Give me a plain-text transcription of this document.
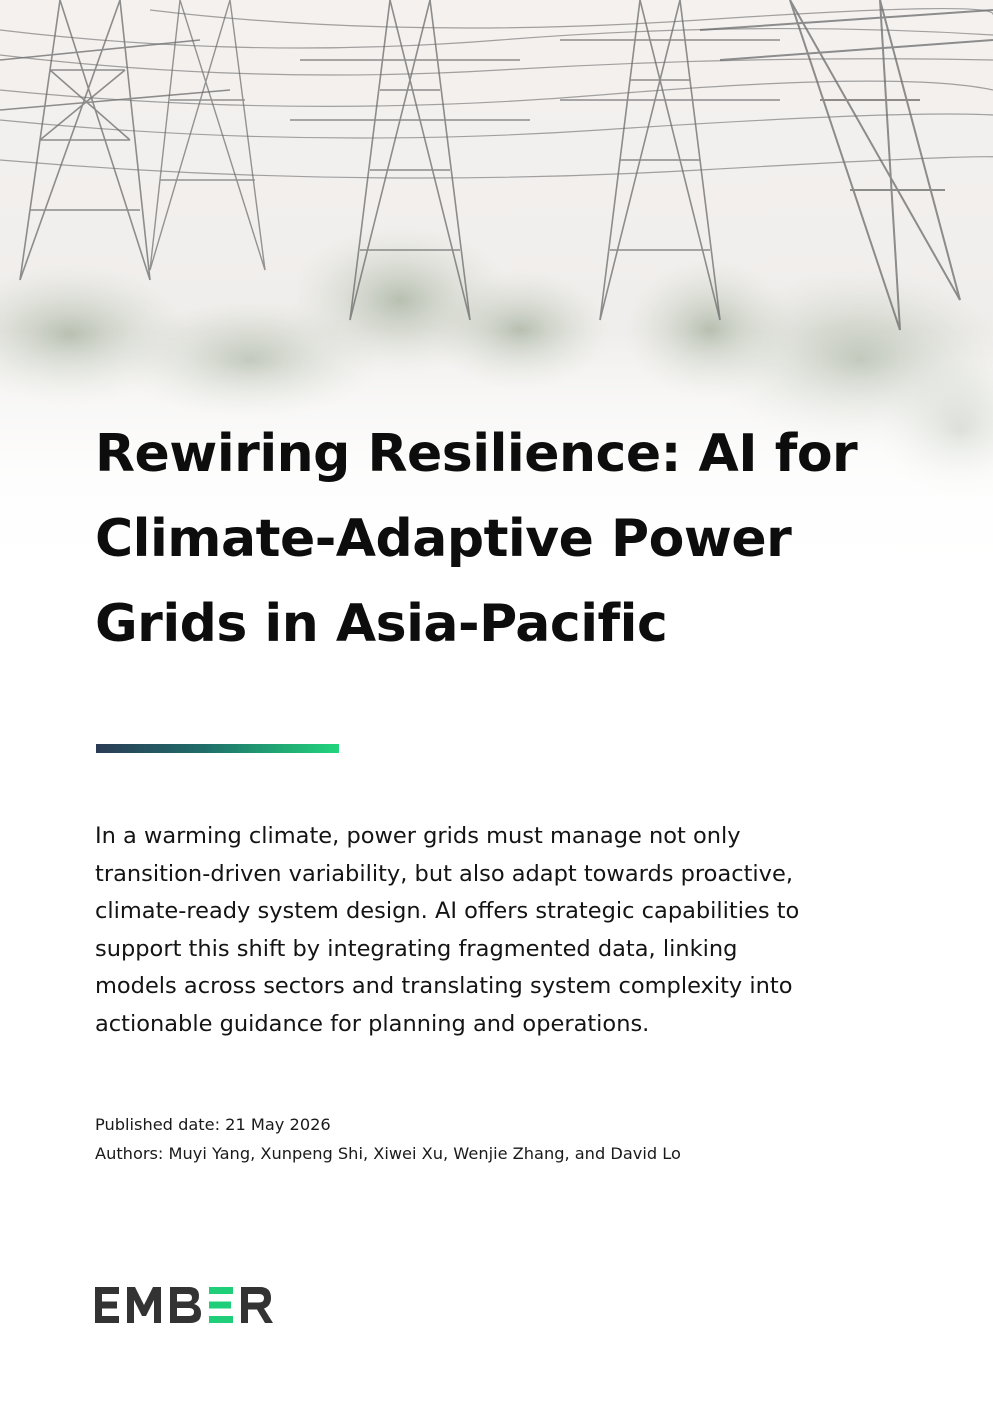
Rewiring Resilience: AI for
Climate-Adaptive Power
Grids in Asia-Pacific

In a warming climate, power grids must manage not only
transition-driven variability, but also adapt towards proactive,
climate-ready system design. AI offers strategic capabilities to
support this shift by integrating fragmented data, linking
models across sectors and translating system complexity into
actionable guidance for planning and operations.

Published date: 21 May 2026
Authors: Muyi Yang, Xunpeng Shi, Xiwei Xu, Wenjie Zhang, and David Lo
